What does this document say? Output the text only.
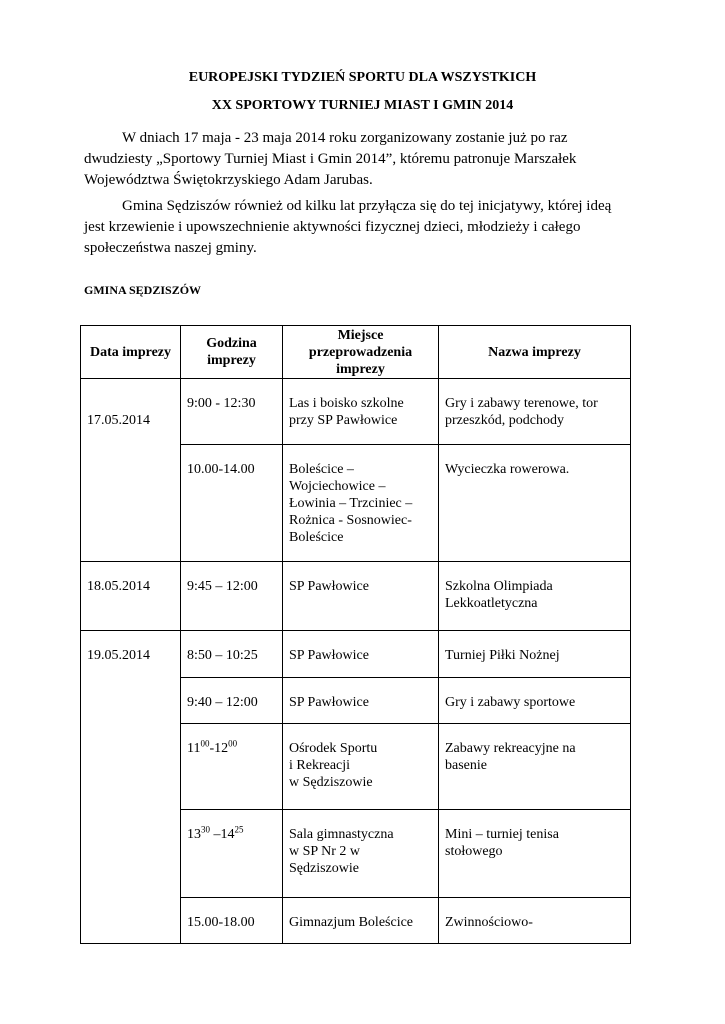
EUROPEJSKI TYDZIEŃ SPORTU DLA WSZYSTKICH
XX SPORTOWY TURNIEJ MIAST I GMIN 2014
W dniach 17 maja - 23 maja 2014 roku zorganizowany zostanie już po raz
dwudziesty „Sportowy Turniej Miast i Gmin 2014”, któremu patronuje Marszałek
Województwa Świętokrzyskiego Adam Jarubas.
Gmina Sędziszów również od kilku lat przyłącza się do tej inicjatywy, której ideą
jest krzewienie i upowszechnienie aktywności fizycznej dzieci, młodzieży i całego
społeczeństwa naszej gminy.
GMINA SĘDZISZÓW
Data imprezy	Godzina imprezy	Miejsce przeprowadzenia imprezy	Nazwa imprezy
17.05.2014	9:00 - 12:30	Las i boisko szkolne
przy SP Pawłowice	Gry i zabawy terenowe, tor
przeszkód, podchody
	10.00-14.00	Boleścice –
Wojciechowice –
Łowinia – Trzciniec –
Rożnica - Sosnowiec-
Boleścice	Wycieczka rowerowa.
18.05.2014	9:45 – 12:00	SP Pawłowice	Szkolna Olimpiada
Lekkoatletyczna
19.05.2014	8:50 – 10:25	SP Pawłowice	Turniej Piłki Nożnej
	9:40 – 12:00	SP Pawłowice	Gry i zabawy sportowe
	$11^{00}-12^{00}$	Ośrodek Sportu
i Rekreacji
w Sędziszowie	Zabawy rekreacyjne na
basenie
	$13^{30}$ $-14^{25}$	Sala gimnastyczna
w SP Nr 2 w
Sędziszowie	Mini – turniej tenisa
stołowego
	15.00-18.00	Gimnazjum Boleścice	Zwinnościowo-
